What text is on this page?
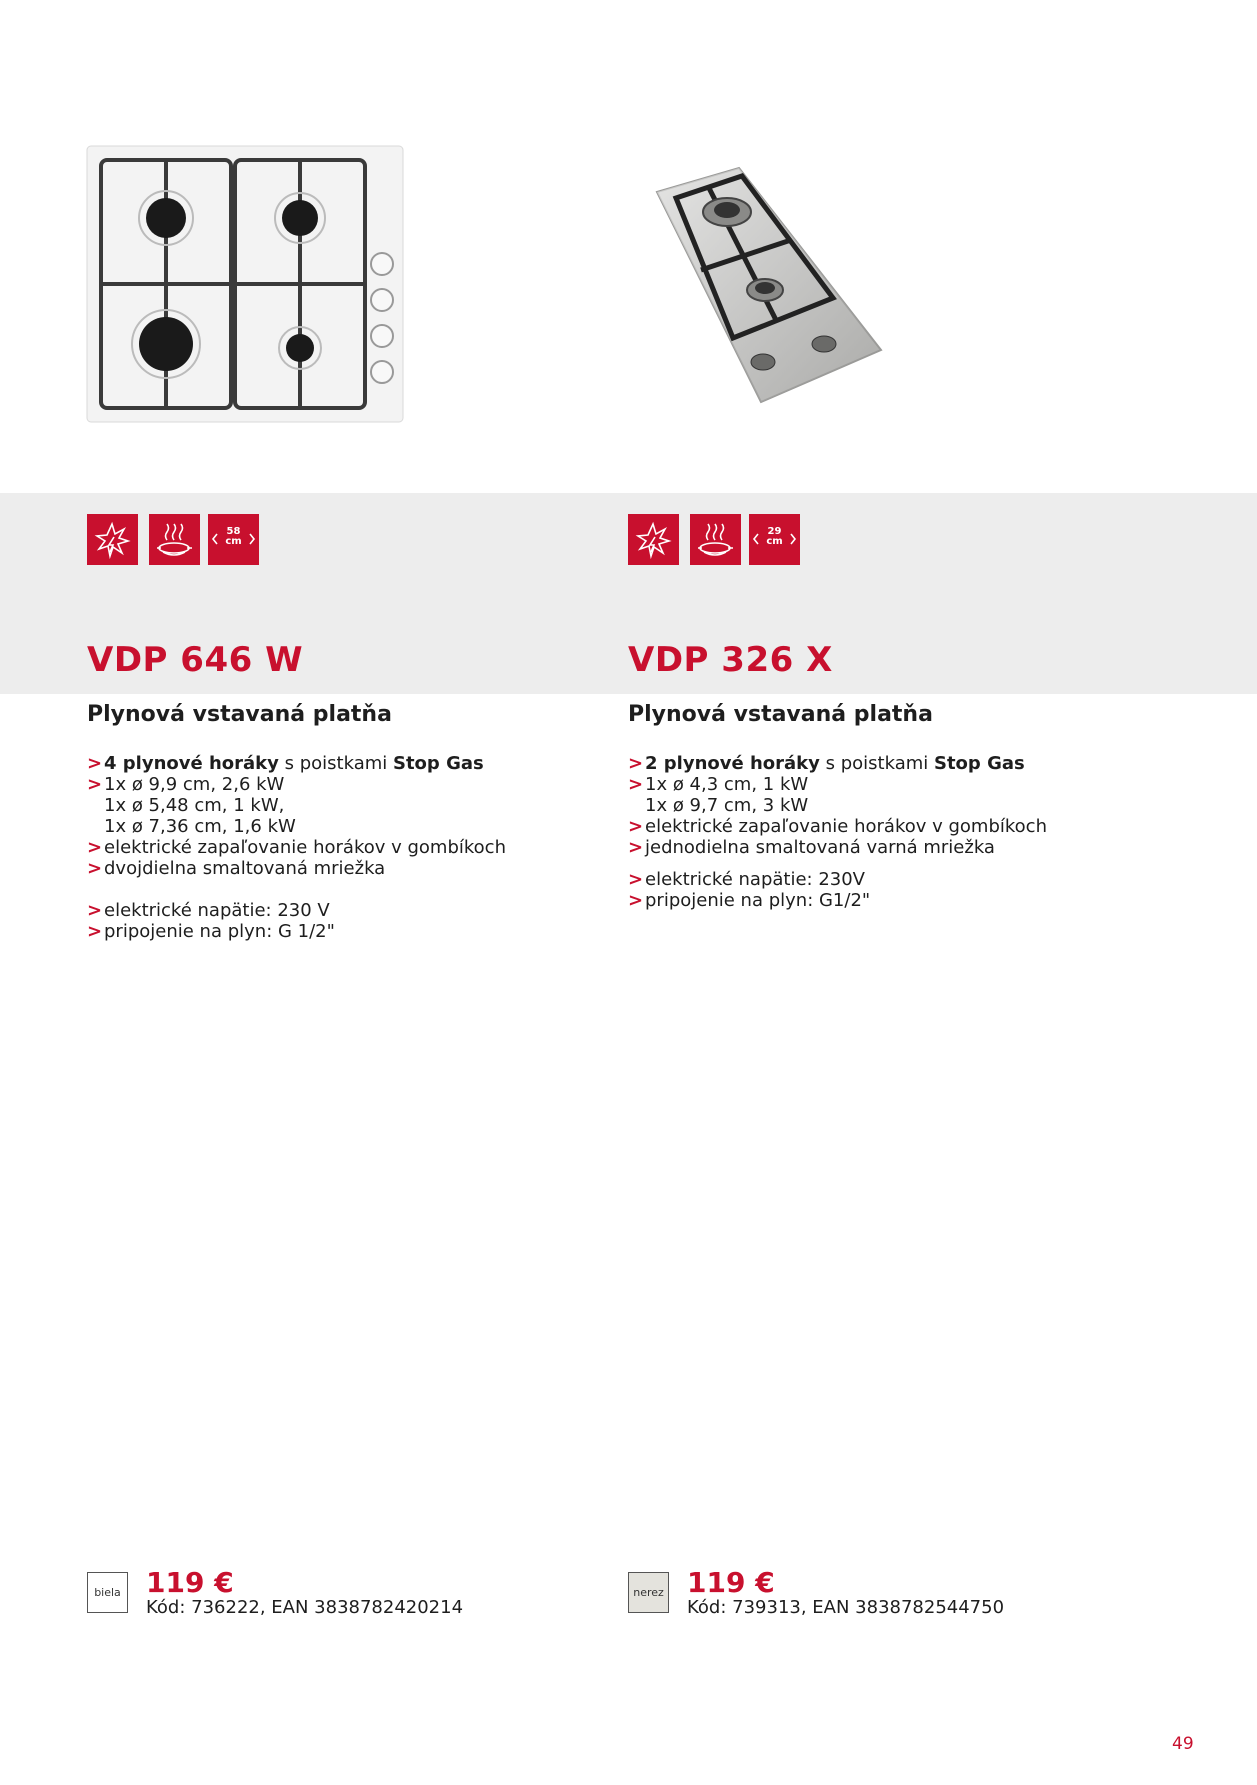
58
cm
VDP 646 W
Plynová vstavaná platňa
> 4 plynové horáky s poistkami Stop Gas
> 1x ø 9,9 cm, 2,6 kW
1x ø 5,48 cm, 1 kW,
1x ø 7,36 cm, 1,6 kW
> elektrické zapaľovanie horákov v gombíkoch
> dvojdielna smaltovaná mriežka
> elektrické napätie: 230 V
> pripojenie na plyn: G 1/2"
biela 119 €
Kód: 736222, EAN 3838782420214
29
cm
VDP 326 X
Plynová vstavaná platňa
> 2 plynové horáky s poistkami Stop Gas
> 1x ø 4,3 cm, 1 kW
1x ø 9,7 cm, 3 kW
> elektrické zapaľovanie horákov v gombíkoch
> jednodielna smaltovaná varná mriežka
> elektrické napätie: 230V
> pripojenie na plyn: G1/2"
nerez 119 €
Kód: 739313, EAN 3838782544750
49
